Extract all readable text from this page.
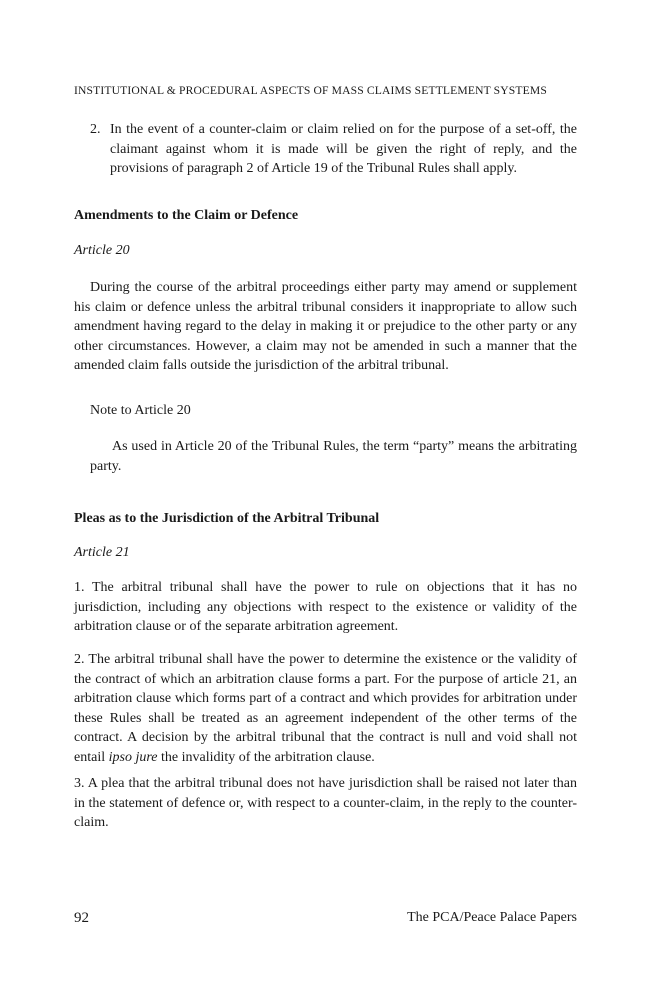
INSTITUTIONAL & PROCEDURAL ASPECTS OF MASS CLAIMS SETTLEMENT SYSTEMS
2. In the event of a counter-claim or claim relied on for the purpose of a set-off, the claimant against whom it is made will be given the right of reply, and the provisions of paragraph 2 of Article 19 of the Tribunal Rules shall apply.
Amendments to the Claim or Defence
Article 20

During the course of the arbitral proceedings either party may amend or supplement his claim or defence unless the arbitral tribunal considers it inappropriate to allow such amendment having regard to the delay in making it or prejudice to the other party or any other circumstances. However, a claim may not be amended in such a manner that the amended claim falls outside the jurisdiction of the arbitral tribunal.

Note to Article 20

As used in Article 20 of the Tribunal Rules, the term “party” means the arbitrating party.

Pleas as to the Jurisdiction of the Arbitral Tribunal
Article 21

1. The arbitral tribunal shall have the power to rule on objections that it has no jurisdiction, including any objections with respect to the existence or validity of the arbitration clause or of the separate arbitration agreement.

2. The arbitral tribunal shall have the power to determine the existence or the validity of the contract of which an arbitration clause forms a part. For the purpose of article 21, an arbitration clause which forms part of a contract and which provides for arbitration under these Rules shall be treated as an agreement independent of the other terms of the contract. A decision by the arbitral tribunal that the contract is null and void shall not entail ipso jure the invalidity of the arbitration clause.

3. A plea that the arbitral tribunal does not have jurisdiction shall be raised not later than in the statement of defence or, with respect to a counter-claim, in the reply to the counter-claim.

92	The PCA/Peace Palace Papers
